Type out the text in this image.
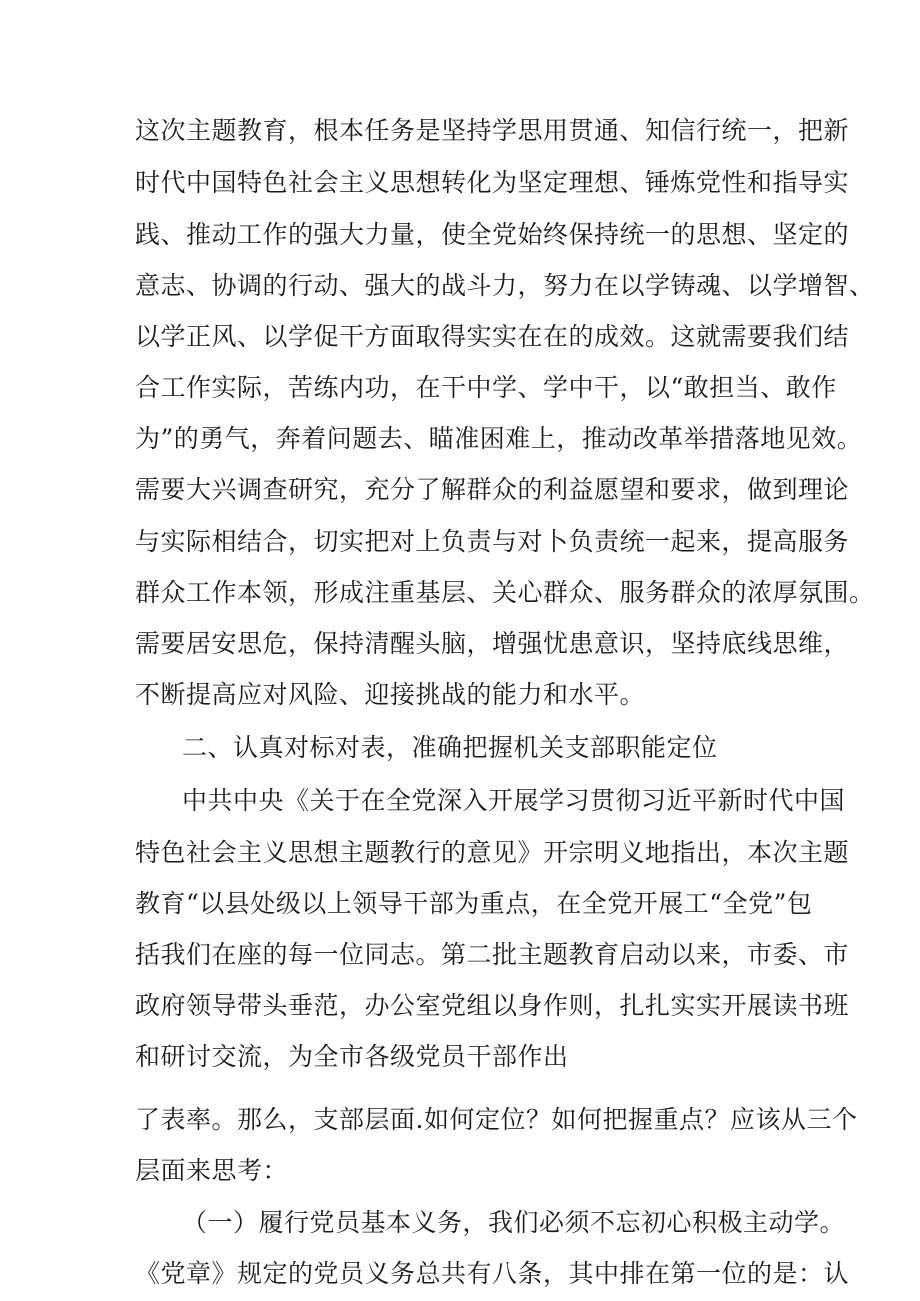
这次主题教育，根本任务是坚持学思用贯通、知信行统一，把新

时代中国特色社会主义思想转化为坚定理想、锤炼党性和指导实

践、推动工作的强大力量，使全党始终保持统一的思想、坚定的

意志、协调的行动、强大的战斗力，努力在以学铸魂、以学增智、

以学正风、以学促干方面取得实实在在的成效。这就需要我们结

合工作实际，苦练内功，在干中学、学中干，以“敢担当、敢作

为”的勇气，奔着问题去、瞄准困难上，推动改革举措落地见效。

需要大兴调查研究，充分了解群众的利益愿望和要求，做到理论

与实际相结合，切实把对上负责与对卜负责统一起来，提高服务

群众工作本领，形成注重基层、关心群众、服务群众的浓厚氛围。

需要居安思危，保持清醒头脑，增强忧患意识，坚持底线思维，

不断提高应对风险、迎接挑战的能力和水平。

二、认真对标对表，准确把握机关支部职能定位

中共中央《关于在全党深入开展学习贯彻习近平新时代中国

特色社会主义思想主题教行的意见》开宗明义地指出，本次主题

教育“以县处级以上领导干部为重点，在全党开展工“全党”包

括我们在座的每一位同志。第二批主题教育启动以来，市委、市

政府领导带头垂范，办公室党组以身作则，扎扎实实开展读书班

和研讨交流，为全市各级党员干部作出

了表率。那么，支部层面.如何定位？如何把握重点？应该从三个

层面来思考：

（一）履行党员基本义务，我们必须不忘初心积极主动学。

《党章》规定的党员义务总共有八条，其中排在第一位的是：认
